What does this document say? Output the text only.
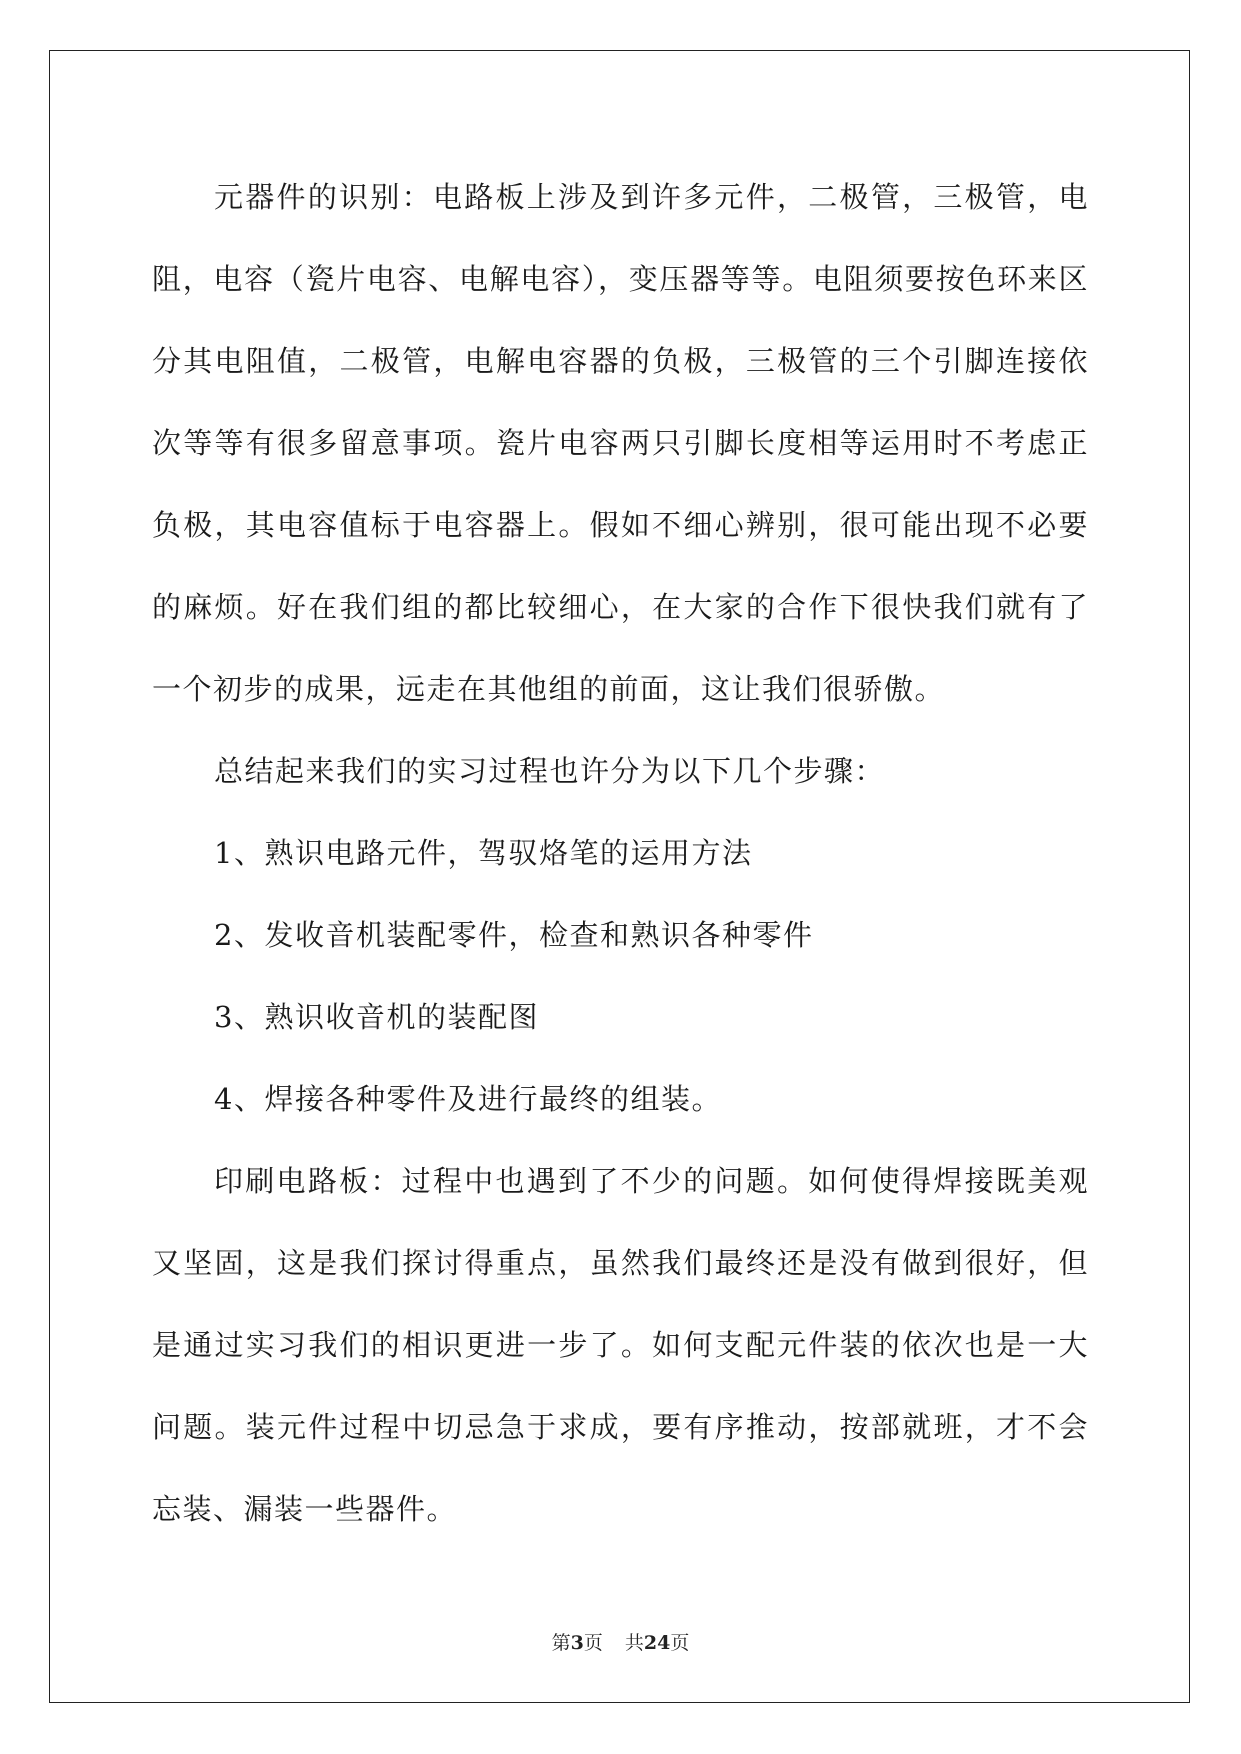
元器件的识别：电路板上涉及到许多元件，二极管，三极管，电阻，电容（瓷片电容、电解电容），变压器等等。电阻须要按色环来区分其电阻值，二极管，电解电容器的负极，三极管的三个引脚连接依次等等有很多留意事项。瓷片电容两只引脚长度相等运用时不考虑正负极，其电容值标于电容器上。假如不细心辨别，很可能出现不必要的麻烦。好在我们组的都比较细心，在大家的合作下很快我们就有了一个初步的成果，远走在其他组的前面，这让我们很骄傲。

总结起来我们的实习过程也许分为以下几个步骤：

1、熟识电路元件，驾驭烙笔的运用方法

2、发收音机装配零件，检查和熟识各种零件

3、熟识收音机的装配图

4、焊接各种零件及进行最终的组装。

印刷电路板：过程中也遇到了不少的问题。如何使得焊接既美观又坚固，这是我们探讨得重点，虽然我们最终还是没有做到很好，但是通过实习我们的相识更进一步了。如何支配元件装的依次也是一大问题。装元件过程中切忌急于求成，要有序推动，按部就班，才不会忘装、漏装一些器件。

第3页 共24页
